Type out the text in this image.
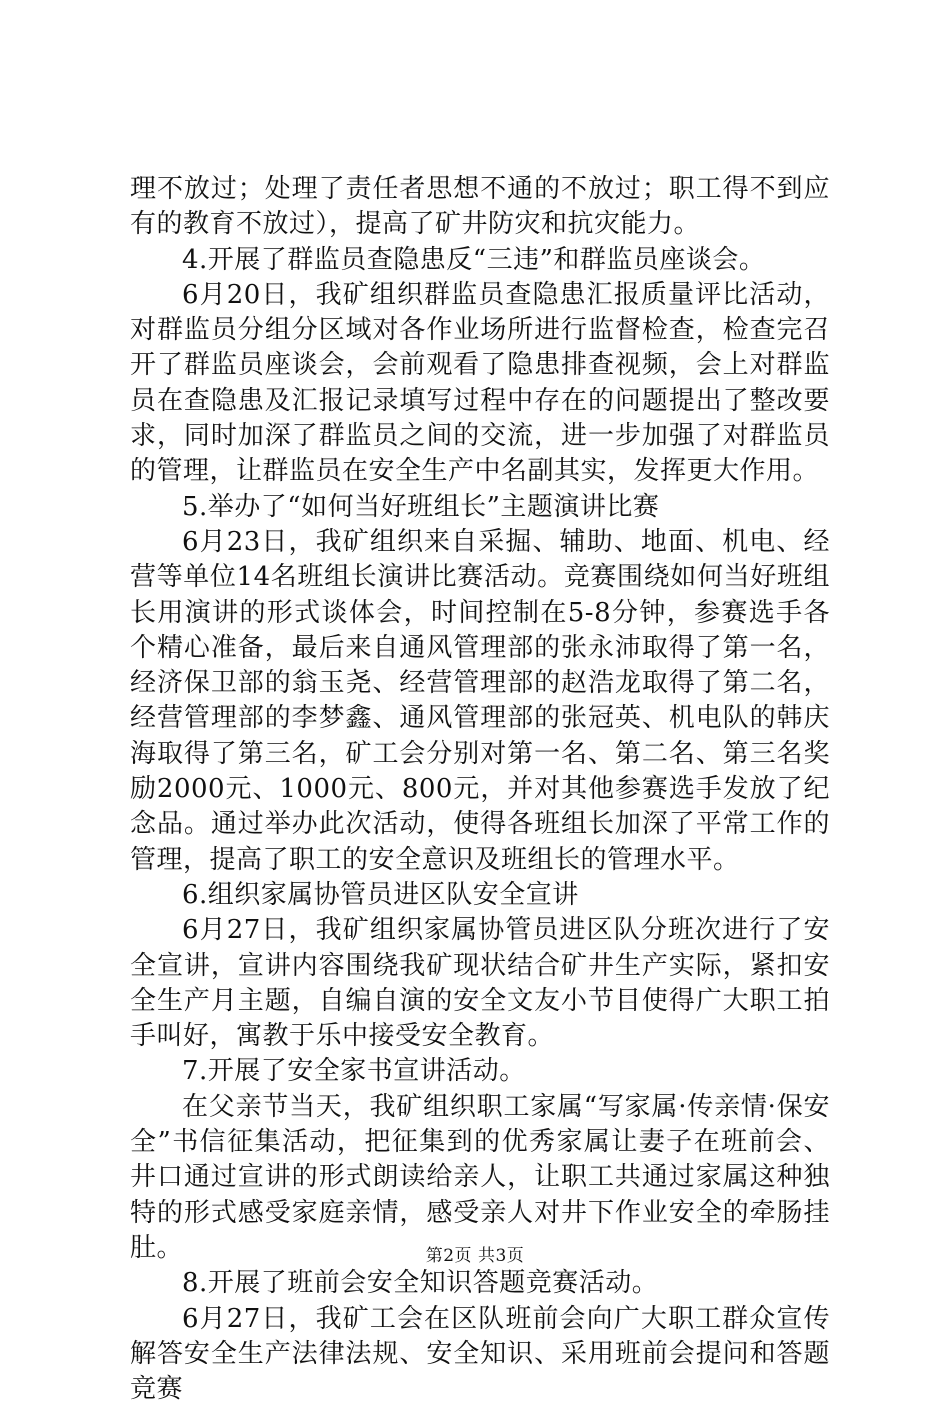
理不放过；处理了责任者思想不通的不放过；职工得不到应有的教育不放过），提高了矿井防灾和抗灾能力。

4.开展了群监员查隐患反“三违”和群监员座谈会。

6月20日，我矿组织群监员查隐患汇报质量评比活动，对群监员分组分区域对各作业场所进行监督检查，检查完召开了群监员座谈会，会前观看了隐患排查视频，会上对群监员在查隐患及汇报记录填写过程中存在的问题提出了整改要求，同时加深了群监员之间的交流，进一步加强了对群监员的管理，让群监员在安全生产中名副其实，发挥更大作用。

5.举办了“如何当好班组长”主题演讲比赛

6月23日，我矿组织来自采掘、辅助、地面、机电、经营等单位14名班组长演讲比赛活动。竞赛围绕如何当好班组长用演讲的形式谈体会，时间控制在5-8分钟，参赛选手各个精心准备，最后来自通风管理部的张永沛取得了第一名，经济保卫部的翁玉尧、经营管理部的赵浩龙取得了第二名，经营管理部的李梦鑫、通风管理部的张冠英、机电队的韩庆海取得了第三名，矿工会分别对第一名、第二名、第三名奖励2000元、1000元、800元，并对其他参赛选手发放了纪念品。通过举办此次活动，使得各班组长加深了平常工作的管理，提高了职工的安全意识及班组长的管理水平。

6.组织家属协管员进区队安全宣讲

6月27日，我矿组织家属协管员进区队分班次进行了安全宣讲，宣讲内容围绕我矿现状结合矿井生产实际，紧扣安全生产月主题，自编自演的安全文友小节目使得广大职工拍手叫好，寓教于乐中接受安全教育。

7.开展了安全家书宣讲活动。

在父亲节当天，我矿组织职工家属“写家属·传亲情·保安全”书信征集活动，把征集到的优秀家属让妻子在班前会、井口通过宣讲的形式朗读给亲人，让职工共通过家属这种独特的形式感受家庭亲情，感受亲人对井下作业安全的牵肠挂肚。

8.开展了班前会安全知识答题竞赛活动。

6月27日，我矿工会在区队班前会向广大职工群众宣传解答安全生产法律法规、安全知识、采用班前会提问和答题竞赛

第2页 共3页
